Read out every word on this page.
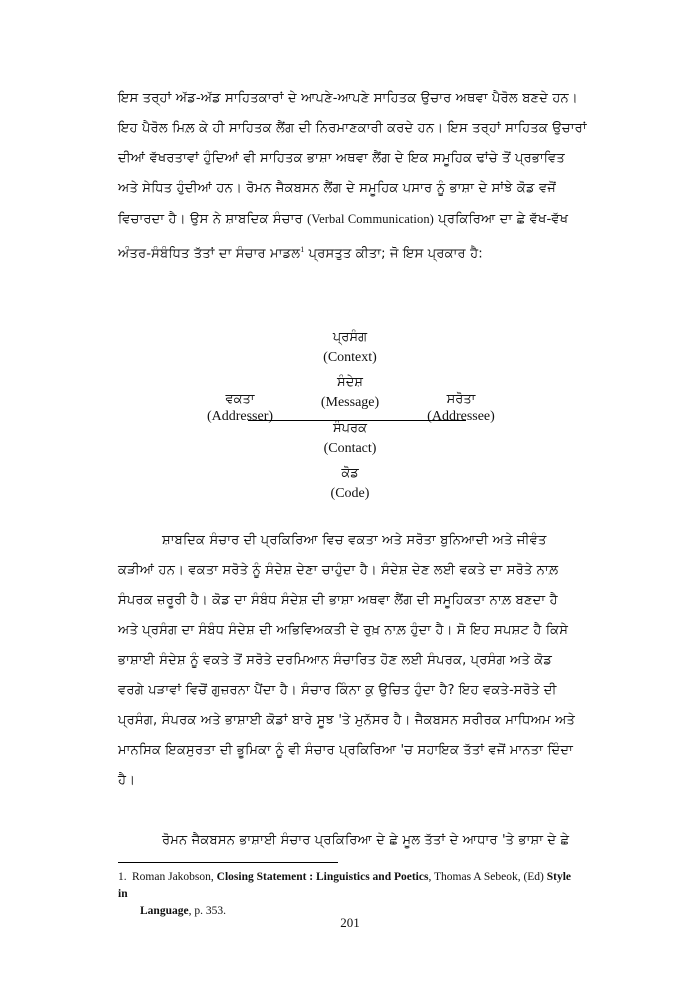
ਇਸ ਤਰ੍ਹਾਂ ਅੱਡ-ਅੱਡ ਸਾਹਿਤਕਾਰਾਂ ਦੇ ਆਪਣੇ-ਆਪਣੇ ਸਾਹਿਤਕ ਉਚਾਰ ਅਥਵਾ ਪੈਰੋਲ ਬਣਦੇ ਹਨ।
ਇਹ ਪੈਰੋਲ ਮਿਲ਼ ਕੇ ਹੀ ਸਾਹਿਤਕ ਲੈਂਗ ਦੀ ਨਿਰਮਾਣਕਾਰੀ ਕਰਦੇ ਹਨ। ਇਸ ਤਰ੍ਹਾਂ ਸਾਹਿਤਕ ਉਚਾਰਾਂ
ਦੀਆਂ ਵੱਖਰਤਾਵਾਂ ਹੁੰਦਿਆਂ ਵੀ ਸਾਹਿਤਕ ਭਾਸ਼ਾ ਅਥਵਾ ਲੈਂਗ ਦੇ ਇਕ ਸਮੂਹਿਕ ਢਾਂਚੇ ਤੋਂ ਪ੍ਰਭਾਵਿਤ
ਅਤੇ ਸੇਧਿਤ ਹੁੰਦੀਆਂ ਹਨ। ਰੋਮਨ ਜੈਕਬਸਨ ਲੈਂਗ ਦੇ ਸਮੂਹਿਕ ਪਸਾਰ ਨੂੰ ਭਾਸ਼ਾ ਦੇ ਸਾਂਝੇ ਕੋਡ ਵਜੋਂ
ਵਿਚਾਰਦਾ ਹੈ। ਉਸ ਨੇ ਸ਼ਾਬਦਿਕ ਸੰਚਾਰ (Verbal Communication) ਪ੍ਰਕਿਰਿਆ ਦਾ ਛੇ ਵੱਖ-ਵੱਖ
ਅੰਤਰ-ਸੰਬੰਧਿਤ ਤੱਤਾਂ ਦਾ ਸੰਚਾਰ ਮਾਡਲ$^1$ ਪ੍ਰਸਤੁਤ ਕੀਤਾ; ਜੋ ਇਸ ਪ੍ਰਕਾਰ ਹੈ:
ਪ੍ਰਸੰਗ
(Context)
ਸੰਦੇਸ਼
(Message)
ਵਕਤਾ
(Addresser)
ਸਰੋਤਾ
(Addressee)
ਸੰਪਰਕ
(Contact)
ਕੋਡ
(Code)
ਸ਼ਾਬਦਿਕ ਸੰਚਾਰ ਦੀ ਪ੍ਰਕਿਰਿਆ ਵਿਚ ਵਕਤਾ ਅਤੇ ਸਰੋਤਾ ਬੁਨਿਆਦੀ ਅਤੇ ਜੀਵੰਤ
ਕੜੀਆਂ ਹਨ। ਵਕਤਾ ਸਰੋਤੇ ਨੂੰ ਸੰਦੇਸ਼ ਦੇਣਾ ਚਾਹੁੰਦਾ ਹੈ। ਸੰਦੇਸ਼ ਦੇਣ ਲਈ ਵਕਤੇ ਦਾ ਸਰੋਤੇ ਨਾਲ਼
ਸੰਪਰਕ ਜ਼ਰੂਰੀ ਹੈ। ਕੋਡ ਦਾ ਸੰਬੰਧ ਸੰਦੇਸ਼ ਦੀ ਭਾਸ਼ਾ ਅਥਵਾ ਲੈਂਗ ਦੀ ਸਮੂਹਿਕਤਾ ਨਾਲ਼ ਬਣਦਾ ਹੈ
ਅਤੇ ਪ੍ਰਸੰਗ ਦਾ ਸੰਬੰਧ ਸੰਦੇਸ਼ ਦੀ ਅਭਿਵਿਅਕਤੀ ਦੇ ਰੁਖ਼ ਨਾਲ਼ ਹੁੰਦਾ ਹੈ। ਸੋ ਇਹ ਸਪਸ਼ਟ ਹੈ ਕਿਸੇ
ਭਾਸ਼ਾਈ ਸੰਦੇਸ਼ ਨੂੰ ਵਕਤੇ ਤੋਂ ਸਰੋਤੇ ਦਰਮਿਆਨ ਸੰਚਾਰਿਤ ਹੋਣ ਲਈ ਸੰਪਰਕ, ਪ੍ਰਸੰਗ ਅਤੇ ਕੋਡ
ਵਰਗੇ ਪੜਾਵਾਂ ਵਿਚੋਂ ਗੁਜ਼ਰਨਾ ਪੈਂਦਾ ਹੈ। ਸੰਚਾਰ ਕਿੰਨਾ ਕੁ ਉਚਿਤ ਹੁੰਦਾ ਹੈ? ਇਹ ਵਕਤੇ-ਸਰੋਤੇ ਦੀ
ਪ੍ਰਸੰਗ, ਸੰਪਰਕ ਅਤੇ ਭਾਸ਼ਾਈ ਕੋਡਾਂ ਬਾਰੇ ਸੂਝ 'ਤੇ ਮੁਨੱਸਰ ਹੈ। ਜੈਕਬਸਨ ਸਰੀਰਕ ਮਾਧਿਅਮ ਅਤੇ
ਮਾਨਸਿਕ ਇਕਸੁਰਤਾ ਦੀ ਭੂਮਿਕਾ ਨੂੰ ਵੀ ਸੰਚਾਰ ਪ੍ਰਕਿਰਿਆ 'ਚ ਸਹਾਇਕ ਤੱਤਾਂ ਵਜੋਂ ਮਾਨਤਾ ਦਿੰਦਾ
ਹੈ।
ਰੋਮਨ ਜੈਕਬਸਨ ਭਾਸ਼ਾਈ ਸੰਚਾਰ ਪ੍ਰਕਿਰਿਆ ਦੇ ਛੇ ਮੂਲ ਤੱਤਾਂ ਦੇ ਆਧਾਰ 'ਤੇ ਭਾਸ਼ਾ ਦੇ ਛੇ
1. Roman Jakobson, Closing Statement : Linguistics and Poetics, Thomas A Sebeok, (Ed) Style in
Language, p. 353.
201
